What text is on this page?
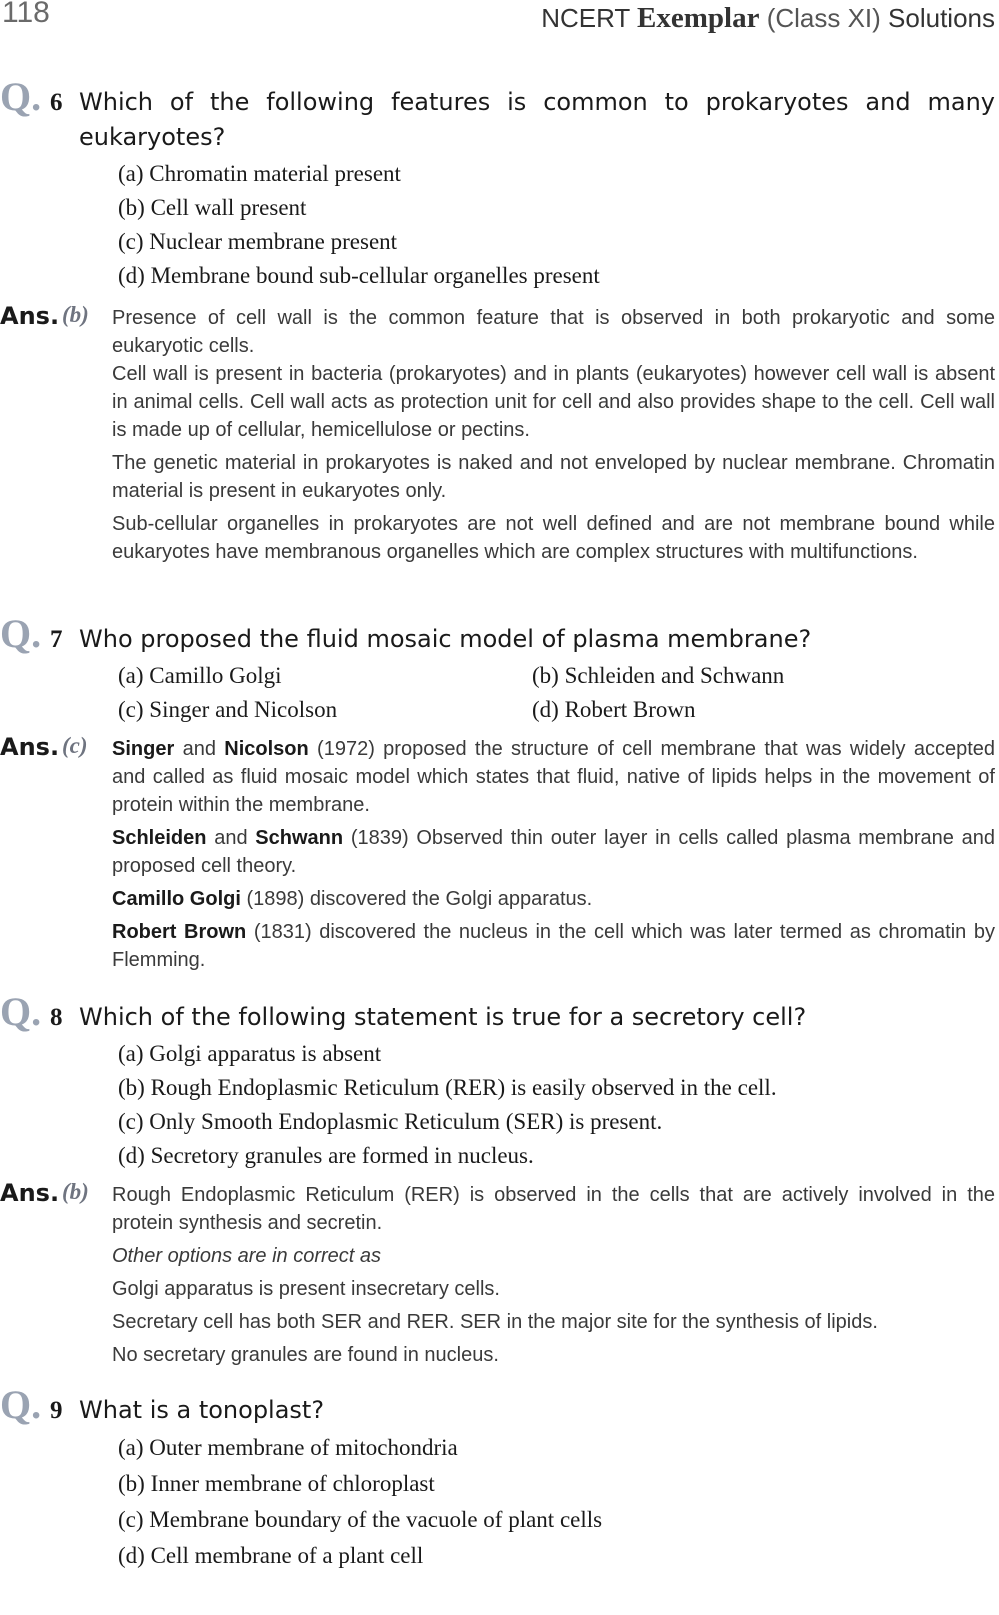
118	NCERT Exemplar (Class XI) Solutions
Q. 6 Which of the following features is common to prokaryotes and many eukaryotes?
(a) Chromatin material present
(b) Cell wall present
(c) Nuclear membrane present
(d) Membrane bound sub-cellular organelles present
Ans. (b) Presence of cell wall is the common feature that is observed in both prokaryotic and some eukaryotic cells.
Cell wall is present in bacteria (prokaryotes) and in plants (eukaryotes) however cell wall is absent in animal cells. Cell wall acts as protection unit for cell and also provides shape to the cell. Cell wall is made up of cellular, hemicellulose or pectins.
The genetic material in prokaryotes is naked and not enveloped by nuclear membrane. Chromatin material is present in eukaryotes only.
Sub-cellular organelles in prokaryotes are not well defined and are not membrane bound while eukaryotes have membranous organelles which are complex structures with multifunctions.
Q. 7 Who proposed the fluid mosaic model of plasma membrane?
(a) Camillo Golgi	(b) Schleiden and Schwann
(c) Singer and Nicolson	(d) Robert Brown
Ans. (c) Singer and Nicolson (1972) proposed the structure of cell membrane that was widely accepted and called as fluid mosaic model which states that fluid, native of lipids helps in the movement of protein within the membrane.
Schleiden and Schwann (1839) Observed thin outer layer in cells called plasma membrane and proposed cell theory.
Camillo Golgi (1898) discovered the Golgi apparatus.
Robert Brown (1831) discovered the nucleus in the cell which was later termed as chromatin by Flemming.
Q. 8 Which of the following statement is true for a secretory cell?
(a) Golgi apparatus is absent
(b) Rough Endoplasmic Reticulum (RER) is easily observed in the cell.
(c) Only Smooth Endoplasmic Reticulum (SER) is present.
(d) Secretory granules are formed in nucleus.
Ans. (b) Rough Endoplasmic Reticulum (RER) is observed in the cells that are actively involved in the protein synthesis and secretin.
Other options are in correct as
Golgi apparatus is present insecretary cells.
Secretary cell has both SER and RER. SER in the major site for the synthesis of lipids.
No secretary granules are found in nucleus.
Q. 9 What is a tonoplast?
(a) Outer membrane of mitochondria
(b) Inner membrane of chloroplast
(c) Membrane boundary of the vacuole of plant cells
(d) Cell membrane of a plant cell
